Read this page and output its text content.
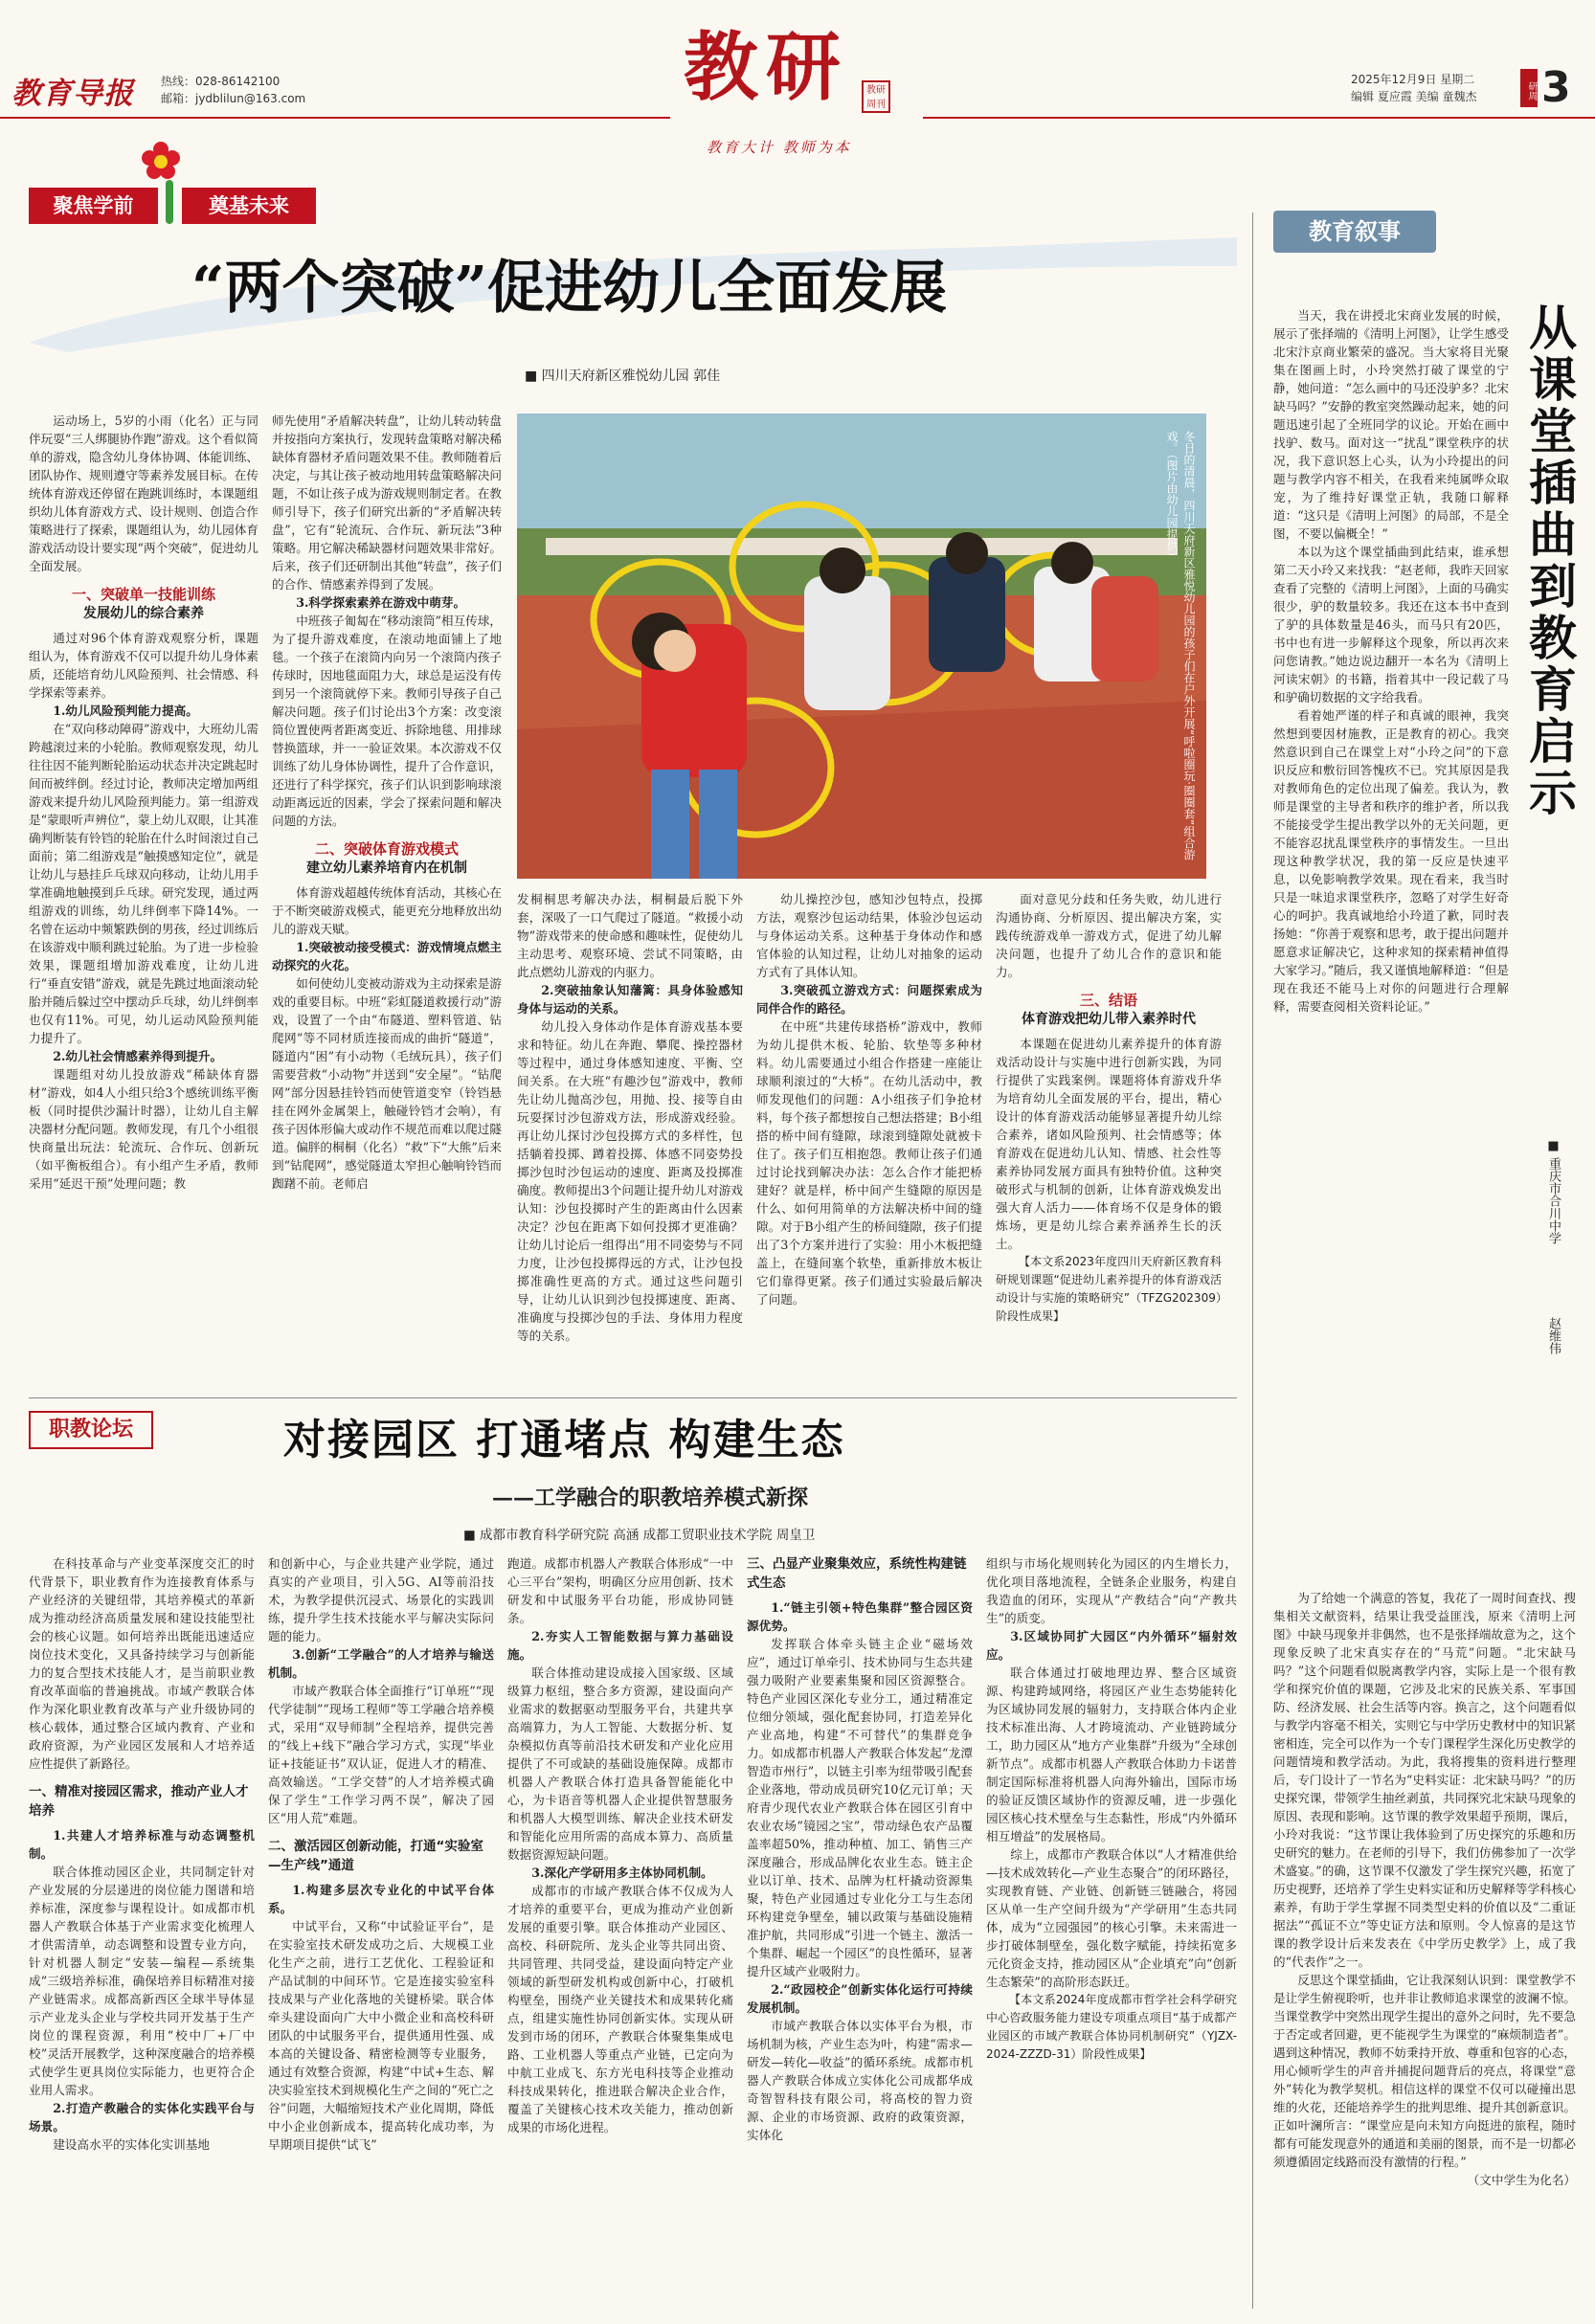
教育导报 热线：028-86142100
邮箱：jydblilun@163.com	教研	教研周刊
教育大计 教师为本
2025年12月9日 星期二
编辑 夏应霞 美编 童魏杰	研周 3
聚焦学前	奠基未来
“两个突破”促进幼儿全面发展
■ 四川天府新区雅悦幼儿园 郭佳
冬日的清晨，四川天府新区雅悦幼儿园的孩子们在户外开展“呼啦圈玩·圈圈套”组合游戏。（图片由幼儿园提供）

运动场上，5岁的小雨（化名）正与同伴玩耍“三人绑腿协作跑”游戏。这个看似简单的游戏，隐含幼儿身体协调、体能训练、团队协作、规则遵守等素养发展目标。在传统体育游戏还停留在跑跳训练时，本课题组织幼儿体育游戏方式、设计规则、创造合作策略进行了探索，课题组认为，幼儿园体育游戏活动设计要实现“两个突破”，促进幼儿全面发展。

一、突破单一技能训练
发展幼儿的综合素养

通过对96个体育游戏观察分析，课题组认为，体育游戏不仅可以提升幼儿身体素质，还能培育幼儿风险预判、社会情感、科学探索等素养。

1.幼儿风险预判能力提高。

在“双向移动障碍”游戏中，大班幼儿需跨越滚过来的小轮胎。教师观察发现，幼儿往往因不能判断轮胎运动状态并决定跳起时间而被绊倒。经过讨论，教师决定增加两组游戏来提升幼儿风险预判能力。第一组游戏是“蒙眼听声辨位”，蒙上幼儿双眼，让其准确判断装有铃铛的轮胎在什么时间滚过自己面前；第二组游戏是“触摸感知定位”，就是让幼儿与悬挂乒乓球双向移动，让幼儿用手掌准确地触摸到乒乓球。研究发现，通过两组游戏的训练，幼儿绊倒率下降14%。一名曾在运动中频繁跌倒的男孩，经过训练后在该游戏中顺利跳过轮胎。为了进一步检验效果，课题组增加游戏难度，让幼儿进行“垂直安错”游戏，就是先跳过地面滚动轮胎并随后躲过空中摆动乒乓球，幼儿绊倒率也仅有11%。可见，幼儿运动风险预判能力提升了。

2.幼儿社会情感素养得到提升。

课题组对幼儿投放游戏“稀缺体育器材”游戏，如4人小组只给3个感统训练平衡板（同时提供沙漏计时器），让幼儿自主解决器材分配问题。教师发现，有几个小组很快商量出玩法：轮流玩、合作玩、创新玩（如平衡板组合）。有小组产生矛盾，教师采用“延迟干预”处理问题；教

师先使用“矛盾解决转盘”，让幼儿转动转盘并按指向方案执行，发现转盘策略对解决稀缺体育器材矛盾问题效果不佳。教师随着后决定，与其让孩子被动地用转盘策略解决问题，不如让孩子成为游戏规则制定者。在教师引导下，孩子们研究出新的“矛盾解决转盘”，它有“轮流玩、合作玩、新玩法”3种策略。用它解决稀缺器材问题效果非常好。后来，孩子们还研制出其他“转盘”，孩子们的合作、情感素养得到了发展。

3.科学探索素养在游戏中萌芽。

中班孩子匍匐在“移动滚筒”相互传球，为了提升游戏难度，在滚动地面铺上了地毯。一个孩子在滚筒内向另一个滚筒内孩子传球时，因地毯面阻力大，球总是运没有传到另一个滚筒就停下来。教师引导孩子自己解决问题。孩子们讨论出3个方案：改变滚筒位置使两者距离变近、拆除地毯、用排球替换篮球，并一一验证效果。本次游戏不仅训练了幼儿身体协调性，提升了合作意识，还进行了科学探究，孩子们认识到影响球滚动距离远近的因素，学会了探索问题和解决问题的方法。

二、突破体育游戏模式
建立幼儿素养培育内在机制

体育游戏超越传统体育活动，其核心在于不断突破游戏模式，能更充分地释放出幼儿的游戏天赋。

1.突破被动接受模式：游戏情境点燃主动探究的火花。

如何使幼儿变被动游戏为主动探索是游戏的重要目标。中班“彩虹隧道救援行动”游戏，设置了一个由“布隧道、塑料管道、钻爬网”等不同材质连接而成的曲折“隧道”，隧道内“困”有小动物（毛绒玩具），孩子们需要营救“小动物”并送到“安全屋”。“钻爬网”部分因悬挂铃铛而使管道变窄（铃铛悬挂在网外金属架上，触碰铃铛才会响），有孩子因体形偏大或动作不规范而难以爬过隧道。偏胖的桐桐（化名）“救”下“大熊”后来到“钻爬网”，感觉隧道太窄担心触响铃铛而踟躇不前。老师启

发桐桐思考解决办法，桐桐最后脱下外套，深吸了一口气爬过了隧道。“救援小动物”游戏带来的使命感和趣味性，促使幼儿主动思考、观察环境、尝试不同策略，由此点燃幼儿游戏的内驱力。

2.突破抽象认知藩篱：具身体验感知身体与运动的关系。

幼儿投入身体动作是体育游戏基本要求和特征。幼儿在奔跑、攀爬、操控器材等过程中，通过身体感知速度、平衡、空间关系。在大班“有趣沙包”游戏中，教师先让幼儿抛高沙包，用抛、投、接等自由玩耍探讨沙包游戏方法，形成游戏经验。再让幼儿探讨沙包投掷方式的多样性，包括躺着投掷、蹲着投掷、体感不同姿势投掷沙包时沙包运动的速度、距离及投掷准确度。教师提出3个问题让提升幼儿对游戏认知：沙包投掷时产生的距离由什么因素决定？沙包在距离下如何投掷才更准确？让幼儿讨论后一组得出“用不同姿势与不同力度，让沙包投掷得远的方式，让沙包投掷准确性更高的方式。通过这些问题引导，让幼儿认识到沙包投掷速度、距离、准确度与投掷沙包的手法、身体用力程度等的关系。

幼儿操控沙包，感知沙包特点，投掷方法，观察沙包运动结果，体验沙包运动与身体运动关系。这种基于身体动作和感官体验的认知过程，让幼儿对抽象的运动方式有了具体认知。

3.突破孤立游戏方式：问题探索成为同伴合作的路径。

在中班“共建传球搭桥”游戏中，教师为幼儿提供木板、轮胎、软垫等多种材料。幼儿需要通过小组合作搭建一座能让球顺利滚过的“大桥”。在幼儿活动中，教师发现他们的问题：A小组孩子们争抢材料，每个孩子都想按自己想法搭建；B小组搭的桥中间有缝隙，球滚到缝隙处就被卡住了。孩子们互相抱怨。教师让孩子们通过讨论找到解决办法：怎么合作才能把桥建好？就是样，桥中间产生缝隙的原因是什么、如何用简单的方法解决桥中间的缝隙。对于B小组产生的桥间缝隙，孩子们提出了3个方案并进行了实验：用小木板把缝盖上，在缝间塞个软垫，重新排放木板让它们靠得更紧。孩子们通过实验最后解决了问题。

面对意见分歧和任务失败，幼儿进行沟通协商、分析原因、提出解决方案，实践传统游戏单一游戏方式，促进了幼儿解决问题，也提升了幼儿合作的意识和能力。

三、结语
体育游戏把幼儿带入素养时代

本课题在促进幼儿素养提升的体育游戏活动设计与实施中进行创新实践，为同行提供了实践案例。课题将体育游戏升华为培育幼儿全面发展的平台，提出，精心设计的体育游戏活动能够显著提升幼儿综合素养，诸如风险预判、社会情感等；体育游戏在促进幼儿认知、情感、社会性等素养协同发展方面具有独特价值。这种突破形式与机制的创新，让体育游戏焕发出强大育人活力——体育场不仅是身体的锻炼场，更是幼儿综合素养涵养生长的沃土。

【本文系2023年度四川天府新区教育科研规划课题“促进幼儿素养提升的体育游戏活动设计与实施的策略研究”（TFZG202309）阶段性成果】

职教论坛	对接园区 打通堵点 构建生态
——工学融合的职教培养模式新探
■ 成都市教育科学研究院 高涵 成都工贸职业技术学院 周皇卫

在科技革命与产业变革深度交汇的时代背景下，职业教育作为连接教育体系与产业经济的关键纽带，其培养模式的革新成为推动经济高质量发展和建设技能型社会的核心议题。如何培养出既能迅速适应岗位技术变化，又具备持续学习与创新能力的复合型技术技能人才，是当前职业教育改革面临的普遍挑战。市域产教联合体作为深化职业教育改革与产业升级协同的核心载体，通过整合区域内教育、产业和政府资源，为产业园区发展和人才培养适应性提供了新路径。

一、精准对接园区需求，推动产业人才培养

1.共建人才培养标准与动态调整机制。

联合体推动园区企业，共同制定针对产业发展的分层递进的岗位能力图谱和培养标准，深度参与课程设计。如成都市机器人产教联合体基于产业需求变化梳理人才供需清单，动态调整和设置专业方向，针对机器人制定“安装—编程—系统集成”三级培养标准，确保培养目标精准对接产业链需求。成都高新西区全球半导体显示产业龙头企业与学校共同开发基于生产岗位的课程资源，利用“校中厂+厂中校”灵活开展教学，这种深度融合的培养模式使学生更具岗位实际能力，也更符合企业用人需求。

2.打造产教融合的实体化实践平台与场景。

建设高水平的实体化实训基地

和创新中心，与企业共建产业学院，通过真实的产业项目，引入5G、AI等前沿技术，为教学提供沉浸式、场景化的实践训练，提升学生技术技能水平与解决实际问题的能力。

3.创新“工学融合”的人才培养与输送机制。

市域产教联合体全面推行“订单班”“现代学徒制”“现场工程师”等工学融合培养模式，采用“双导师制”全程培养，提供完善的“线上+线下”融合学习方式，实现“毕业证+技能证书”双认证，促进人才的精准、高效输送。“工学交替”的人才培养模式确保了学生“工作学习两不误”，解决了园区“用人荒”难题。

二、激活园区创新动能，打通“实验室—生产线”通道

1.构建多层次专业化的中试平台体系。

中试平台，又称“中试验证平台”，是在实验室技术研发成功之后、大规模工业化生产之前，进行工艺优化、工程验证和产品试制的中间环节。它是连接实验室科技成果与产业化落地的关键桥梁。联合体牵头建设面向广大中小微企业和高校科研团队的中试服务平台，提供通用性强、成本高的关键设备、精密检测等专业服务，通过有效整合资源，构建“中试+生态、解决实验室技术到规模化生产之间的“死亡之谷”问题，大幅缩短技术产业化周期，降低中小企业创新成本，提高转化成功率，为早期项目提供“试飞”

跑道。成都市机器人产教联合体形成“一中心三平台”架构，明确区分应用创新、技术研发和中试服务平台功能，形成协同链条。

2.夯实人工智能数据与算力基础设施。

联合体推动建设成接入国家级、区域级算力枢纽，整合多方资源，建设面向产业需求的数据驱动型服务平台，共建共享高端算力，为人工智能、大数据分析、复杂模拟仿真等前沿技术研发和产业化应用提供了不可或缺的基础设施保障。成都市机器人产教联合体打造具备智能能化中心，为卡语音等机器人企业提供智慧服务和机器人大模型训练、解决企业技术研发和智能化应用所需的高成本算力、高质量数据资源短缺问题。

3.深化产学研用多主体协同机制。

成都市的市域产教联合体不仅成为人才培养的重要平台，更成为推动产业创新发展的重要引擎。联合体推动产业园区、高校、科研院所、龙头企业等共同出资、共同管理、共同受益，建设面向特定产业领域的新型研发机构或创新中心，打破机构壁垒，围绕产业关键技术和成果转化痛点，组建实施性协同创新实体。实现从研发到市场的闭环，产教联合体聚集集成电路、工业机器人等重点产业链，已定向为中航工业成飞、东方光电科技等企业推动科技成果转化，推进联合解决企业合作，覆盖了关键核心技术攻关能力，推动创新成果的市场化进程。

三、凸显产业聚集效应，系统性构建链式生态

1.“链主引领+特色集群”整合园区资源优势。

发挥联合体牵头链主企业“磁场效应”，通过订单牵引、技术协同与生态共建强力吸附产业要素集聚和园区资源整合。特色产业园区深化专业分工，通过精准定位细分领域，强化配套协同，打造差异化产业高地，构建“不可替代”的集群竞争力。如成都市机器人产教联合体发起“龙潭智造市州行”，以链主引率为纽带吸引配套企业落地，带动成员研究10亿元订单；天府青少现代农业产教联合体在园区引育中农业农场“镜园之宝”，带动绿色农产品覆盖率超50%，推动种植、加工、销售三产深度融合，形成品牌化农业生态。链主企业以订单、技术、品牌为杠杆撬动资源集聚，特色产业园通过专业化分工与生态闭环构建竞争壁垒，辅以政策与基础设施精准护航，共同形成“引进一个链主、激活一个集群、崛起一个园区”的良性循环，显著提升区域产业吸附力。

2.“政园校企”创新实体化运行可持续发展机制。

市域产教联合体以实体平台为根，市场机制为核，产业生态为叶，构建“需求—研发—转化—收益”的循环系统。成都市机器人产教联合体成立实体化公司成都华成奇智智科技有限公司，将高校的智力资源、企业的市场资源、政府的政策资源，实体化

组织与市场化规则转化为园区的内生增长力，优化项目落地流程，全链条企业服务，构建自我造血的闭环，实现从“产教结合”向“产教共生”的质变。

3.区域协同扩大园区“内外循环”辐射效应。

联合体通过打破地理边界、整合区域资源、构建跨域网络，将园区产业生态势能转化为区域协同发展的辐射力，支持联合体内企业技术标准出海、人才跨境流动、产业链跨域分工，助力园区从“地方产业集群”升级为“全球创新节点”。成都市机器人产教联合体助力卡诺普制定国际标准将机器人向海外输出，国际市场的验证反馈区域协作的资源反哺，进一步强化园区核心技术壁垒与生态黏性，形成“内外循环相互增益”的发展格局。

综上，成都市产教联合体以“人才精准供给—技术成效转化—产业生态聚合”的闭环路径，实现教育链、产业链、创新链三链融合，将园区从单一生产空间升级为“产学研用”生态共同体，成为“立园强园”的核心引擎。未来需进一步打破体制壁垒，强化数字赋能，持续拓宽多元化资金支持，推动园区从“企业填充”向“创新生态繁荣”的高阶形态跃迁。

【本文系2024年度成都市哲学社会科学研究中心咨政服务能力建设专项重点项目“基于成都产业园区的市域产教联合体协同机制研究”（YJZX-2024-ZZZD-31）阶段性成果】

教育叙事
从课堂插曲到教育启示
■ 重庆市合川中学
赵维伟

当天，我在讲授北宋商业发展的时候，展示了张择端的《清明上河图》，让学生感受北宋汴京商业繁荣的盛况。当大家将目光聚集在图画上时，小玲突然打破了课堂的宁静，她问道：“怎么画中的马还没驴多？北宋缺马吗？”安静的教室突然躁动起来，她的问题迅速引起了全班同学的议论。开始在画中找驴、数马。面对这一“扰乱”课堂秩序的状况，我下意识怒上心头，认为小玲提出的问题与教学内容不相关，在我看来纯属哗众取宠，为了维持好课堂正轨，我随口解释道：“这只是《清明上河图》的局部，不是全图，不要以偏概全！”

本以为这个课堂插曲到此结束，谁承想第二天小玲又来找我：“赵老师，我昨天回家查看了完整的《清明上河图》，上面的马确实很少，驴的数量较多。我还在这本书中查到了驴的具体数量是46头，而马只有20匹，书中也有进一步解释这个现象，所以再次来问您请教。”她边说边翻开一本名为《清明上河读宋朝》的书籍，指着其中一段记载了马和驴确切数据的文字给我看。

看着她严谨的样子和真诚的眼神，我突然想到要因材施教，正是教育的初心。我突然意识到自己在课堂上对“小玲之问”的下意识反应和敷衍回答愧疚不已。究其原因是我对教师角色的定位出现了偏差。我认为，教师是课堂的主导者和秩序的维护者，所以我不能接受学生提出教学以外的无关问题，更不能容忍扰乱课堂秩序的事情发生。一旦出现这种教学状况，我的第一反应是快速平息，以免影响教学效果。现在看来，我当时只是一味追求课堂秩序，忽略了对学生好奇心的呵护。我真诚地给小玲道了歉，同时表扬她：“你善于观察和思考，敢于提出问题并愿意求证解决它，这种求知的探索精神值得大家学习。”随后，我又谨慎地解释道：“但是现在我还不能马上对你的问题进行合理解释，需要查阅相关资料论证。”

为了给她一个满意的答复，我花了一周时间查找、搜集相关文献资料，结果让我受益匪浅，原来《清明上河图》中缺马现象并非偶然，也不是张择端故意为之，这个现象反映了北宋真实存在的“马荒”问题。“北宋缺马吗？”这个问题看似脱离教学内容，实际上是一个很有教学和探究价值的课题，它涉及北宋的民族关系、军事国防、经济发展、社会生活等内容。换言之，这个问题看似与教学内容毫不相关，实则它与中学历史教材中的知识紧密相连，完全可以作为一个专门课程学生深化历史教学的问题情境和教学活动。为此，我将搜集的资料进行整理后，专门设计了一节名为“史料实证：北宋缺马吗？”的历史探究课，带领学生抽丝剥茧，共同探究北宋缺马现象的原因、表现和影响。这节课的教学效果超乎预期，课后，小玲对我说：“这节课让我体验到了历史探究的乐趣和历史研究的魅力。在老师的引导下，我们仿佛参加了一次学术盛宴。”的确，这节课不仅激发了学生探究兴趣，拓宽了历史视野，还培养了学生史料实证和历史解释等学科核心素养，有助于学生掌握不同类型史料的价值以及“二重证据法”“孤证不立”等史证方法和原则。令人惊喜的是这节课的教学设计后来发表在《中学历史教学》上，成了我的“代表作”之一。

反思这个课堂插曲，它让我深刻认识到：课堂教学不是让学生俯视聆听，也并非让教师追求课堂的波澜不惊。当课堂教学中突然出现学生提出的意外之问时，先不要急于否定或者回避，更不能视学生为课堂的“麻烦制造者”。遇到这种情况，教师不妨秉持开放、尊重和包容的心态，用心倾听学生的声音并捕捉问题背后的亮点，将课堂“意外”转化为教学契机。相信这样的课堂不仅可以碰撞出思维的火花，还能培养学生的批判思维、提升其创新意识。正如叶澜所言：“课堂应是向未知方向挺进的旅程，随时都有可能发现意外的通道和美丽的图景，而不是一切都必须遵循固定线路而没有激情的行程。”

（文中学生为化名）
